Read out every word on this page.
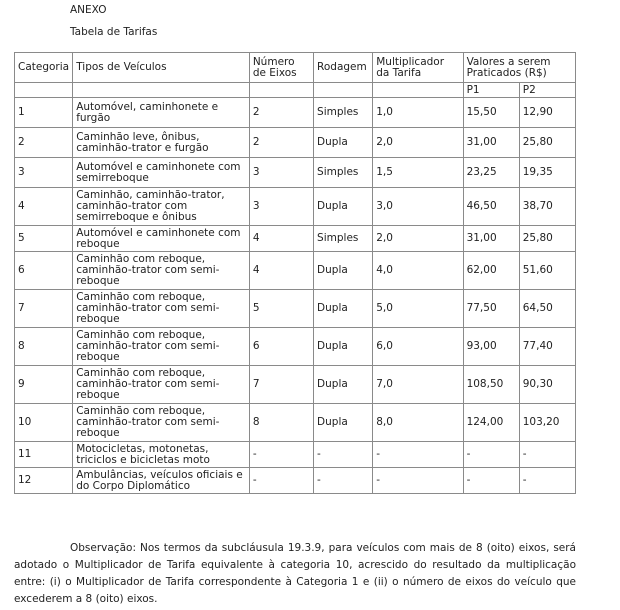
ANEXO
Tabela de Tarifas
Categoria	Tipos de Veículos	Número de Eixos	Rodagem	Multiplicador da Tarifa	Valores a serem Praticados (R$)	
					P1	P2
1	Automóvel, caminhonete e furgão	2	Simples	1,0	15,50	12,90
2	Caminhão leve, ônibus, caminhão-trator e furgão	2	Dupla	2,0	31,00	25,80
3	Automóvel e caminhonete com semirreboque	3	Simples	1,5	23,25	19,35
4	Caminhão, caminhão-trator, caminhão-trator com semirreboque e ônibus	3	Dupla	3,0	46,50	38,70
5	Automóvel e caminhonete com reboque	4	Simples	2,0	31,00	25,80
6	Caminhão com reboque, caminhão-trator com semi-reboque	4	Dupla	4,0	62,00	51,60
7	Caminhão com reboque, caminhão-trator com semi-reboque	5	Dupla	5,0	77,50	64,50
8	Caminhão com reboque, caminhão-trator com semi-reboque	6	Dupla	6,0	93,00	77,40
9	Caminhão com reboque, caminhão-trator com semi-reboque	7	Dupla	7,0	108,50	90,30
10	Caminhão com reboque, caminhão-trator com semi-reboque	8	Dupla	8,0	124,00	103,20
11	Motocicletas, motonetas, triciclos e bicicletas moto	-	-	-	-	-
12	Ambulâncias, veículos oficiais e do Corpo Diplomático	-	-	-	-	-
Observação: Nos termos da subcláusula 19.3.9, para veículos com mais de 8 (oito) eixos, será adotado o Multiplicador de Tarifa equivalente à categoria 10, acrescido do resultado da multiplicação entre: (i) o Multiplicador de Tarifa correspondente à Categoria 1 e (ii) o número de eixos do veículo que excederem a 8 (oito) eixos.
